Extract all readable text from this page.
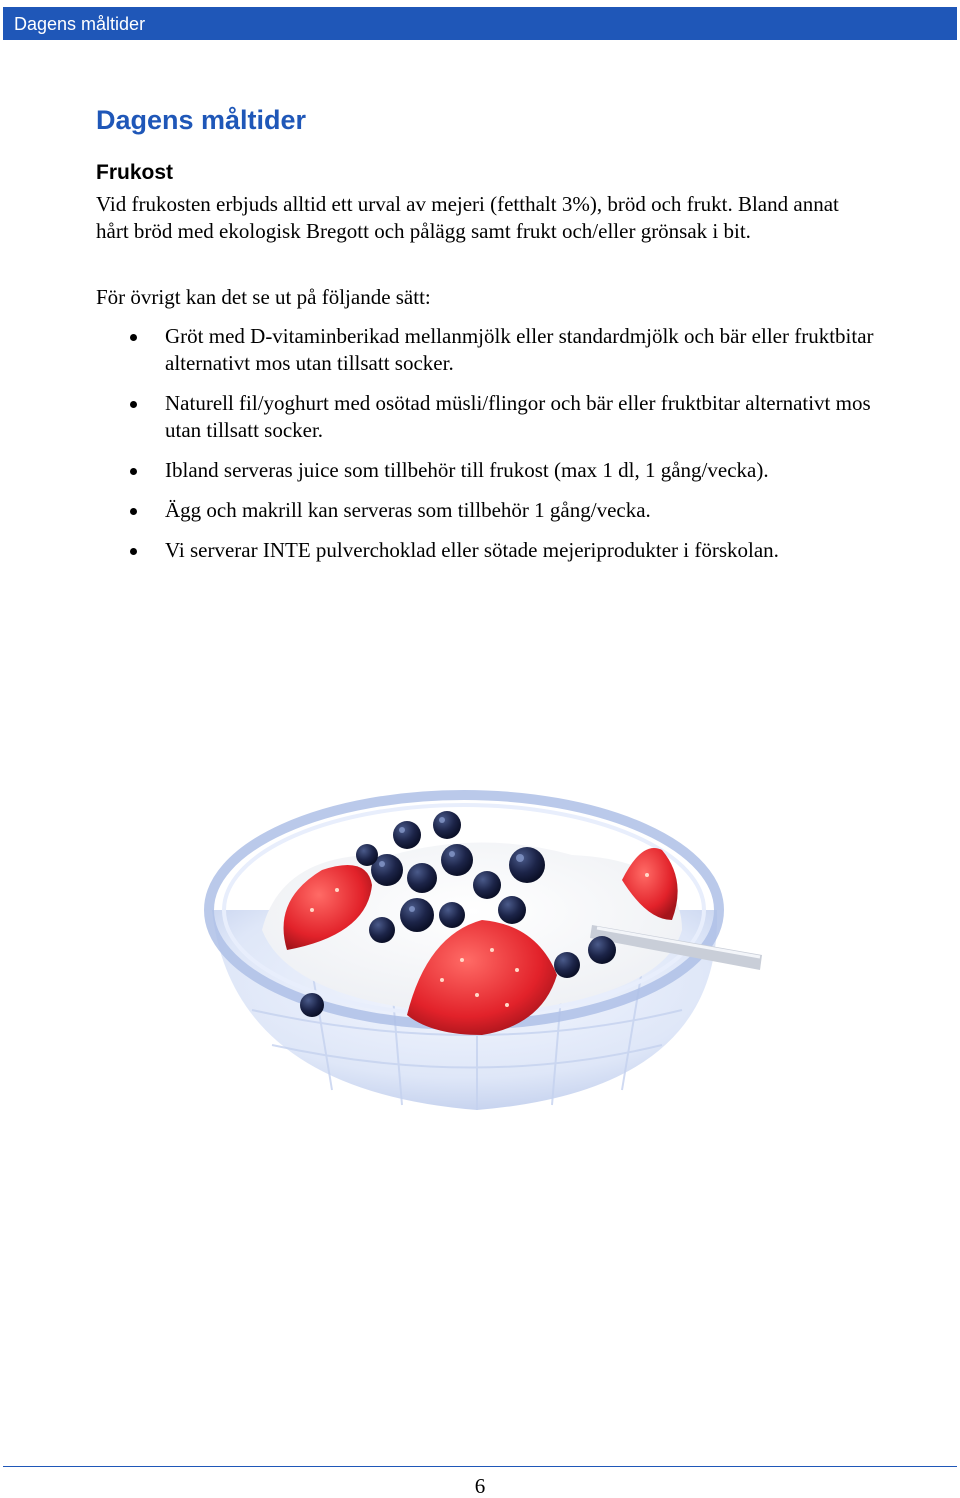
Dagens måltider
Dagens måltider
Frukost

Vid frukosten erbjuds alltid ett urval av mejeri (fetthalt 3%), bröd och frukt. Bland annat hårt bröd med ekologisk Bregott och pålägg samt frukt och/eller grönsak i bit.

För övrigt kan det se ut på följande sätt:

Gröt med D-vitaminberikad mellanmjölk eller standardmjölk och bär eller fruktbitar alternativt mos utan tillsatt socker.
Naturell fil/yoghurt med osötad müsli/flingor och bär eller fruktbitar alternativt mos utan tillsatt socker.
Ibland serveras juice som tillbehör till frukost (max 1 dl, 1 gång/vecka).
Ägg och makrill kan serveras som tillbehör 1 gång/vecka.
Vi serverar INTE pulverchoklad eller sötade mejeriprodukter i förskolan.
6
